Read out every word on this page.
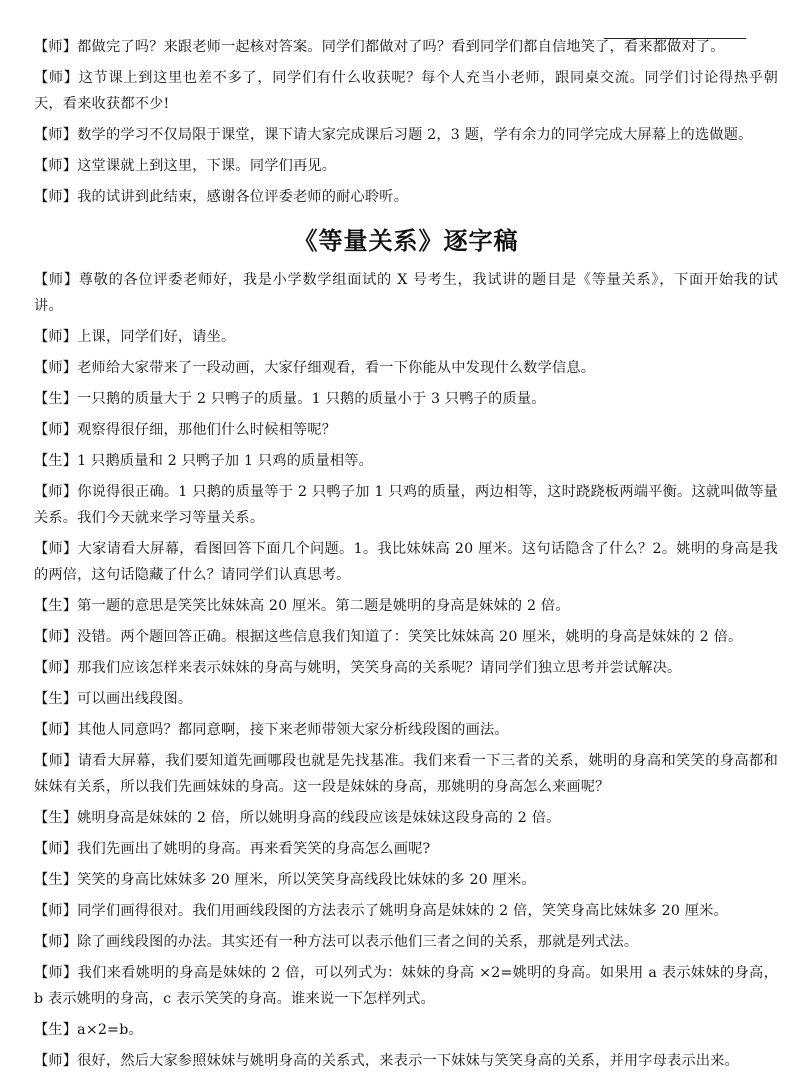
【师】都做完了吗？来跟老师一起核对答案。同学们都做对了吗？看到同学们都自信地笑了，看来都做对了。

【师】这节课上到这里也差不多了，同学们有什么收获呢？每个人充当小老师，跟同桌交流。同学们讨论得热乎朝天，看来收获都不少!

【师】数学的学习不仅局限于课堂，课下请大家完成课后习题 2，3 题，学有余力的同学完成大屏幕上的选做题。

【师】这堂课就上到这里，下课。同学们再见。

【师】我的试讲到此结束，感谢各位评委老师的耐心聆听。

《等量关系》逐字稿

【师】尊敬的各位评委老师好，我是小学数学组面试的 X 号考生，我试讲的题目是《等量关系》，下面开始我的试讲。

【师】上课，同学们好，请坐。

【师】老师给大家带来了一段动画，大家仔细观看，看一下你能从中发现什么数学信息。

【生】一只鹅的质量大于 2 只鸭子的质量。1 只鹅的质量小于 3 只鸭子的质量。

【师】观察得很仔细，那他们什么时候相等呢？

【生】1 只鹅质量和 2 只鸭子加 1 只鸡的质量相等。

【师】你说得很正确。1 只鹅的质量等于 2 只鸭子加 1 只鸡的质量，两边相等，这时跷跷板两端平衡。这就叫做等量关系。我们今天就来学习等量关系。

【师】大家请看大屏幕，看图回答下面几个问题。1。我比妹妹高 20 厘米。这句话隐含了什么？2。姚明的身高是我的两倍，这句话隐藏了什么？请同学们认真思考。

【生】第一题的意思是笑笑比妹妹高 20 厘米。第二题是姚明的身高是妹妹的 2 倍。

【师】没错。两个题回答正确。根据这些信息我们知道了：笑笑比妹妹高 20 厘米，姚明的身高是妹妹的 2 倍。

【师】那我们应该怎样来表示妹妹的身高与姚明，笑笑身高的关系呢？请同学们独立思考并尝试解决。

【生】可以画出线段图。

【师】其他人同意吗？都同意啊，接下来老师带领大家分析线段图的画法。

【师】请看大屏幕，我们要知道先画哪段也就是先找基准。我们来看一下三者的关系，姚明的身高和笑笑的身高都和妹妹有关系，所以我们先画妹妹的身高。这一段是妹妹的身高，那姚明的身高怎么来画呢？

【生】姚明身高是妹妹的 2 倍，所以姚明身高的线段应该是妹妹这段身高的 2 倍。

【师】我们先画出了姚明的身高。再来看笑笑的身高怎么画呢?

【生】笑笑的身高比妹妹多 20 厘米，所以笑笑身高线段比妹妹的多 20 厘米。

【师】同学们画得很对。我们用画线段图的方法表示了姚明身高是妹妹的 2 倍，笑笑身高比妹妹多 20 厘米。

【师】除了画线段图的办法。其实还有一种方法可以表示他们三者之间的关系，那就是列式法。

【师】我们来看姚明的身高是妹妹的 2 倍，可以列式为：妹妹的身高 ×2=姚明的身高。如果用 a 表示妹妹的身高，b 表示姚明的身高，c 表示笑笑的身高。谁来说一下怎样列式。

【生】a×2=b。

【师】很好，然后大家参照妹妹与姚明身高的关系式，来表示一下妹妹与笑笑身高的关系，并用字母表示出来。
